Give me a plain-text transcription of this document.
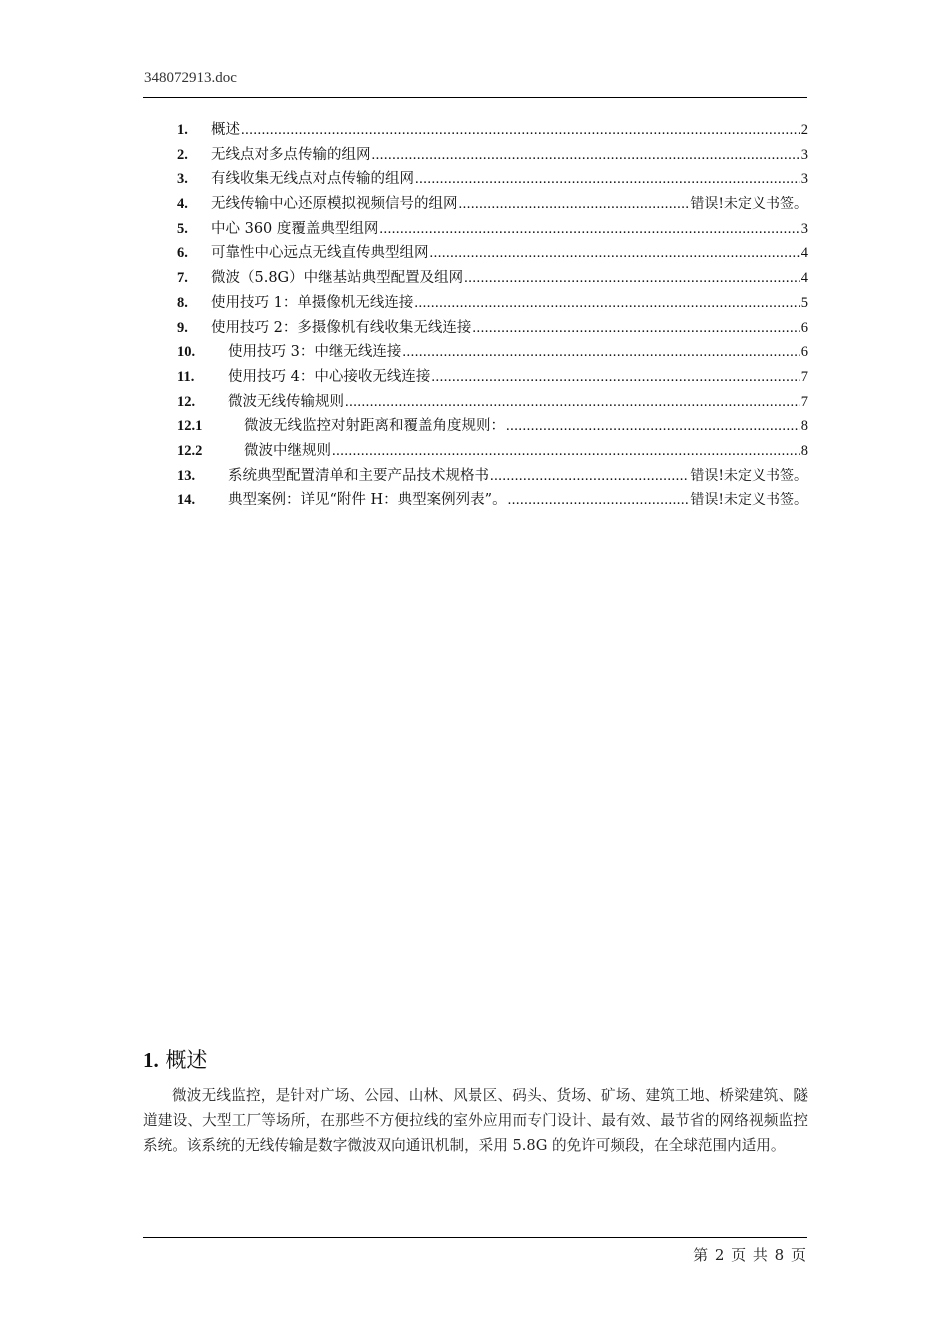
348072913.doc
1. 概述 .....	2
2. 无线点对多点传输的组网 .....	3
3. 有线收集无线点对点传输的组网 .....	3
4. 无线传输中心还原模拟视频信号的组网 .....	错误!未定义书签。
5. 中心 360 度覆盖典型组网 .....	3
6. 可靠性中心远点无线直传典型组网 .....	4
7. 微波（5.8G）中继基站典型配置及组网 .....	4
8. 使用技巧 1：单摄像机无线连接 .....	5
9. 使用技巧 2：多摄像机有线收集无线连接 .....	6
10. 使用技巧 3：中继无线连接 .....	6
11. 使用技巧 4：中心接收无线连接 .....	7
12. 微波无线传输规则 .....	7
12.1	微波无线监控对射距离和覆盖角度规则： .....	8
12.2	微波中继规则 .....	8
13. 系统典型配置清单和主要产品技术规格书 .....	错误!未定义书签。
14. 典型案例：详见“附件 H：典型案例列表”。 .....	错误!未定义书签。
1. 概述

微波无线监控，是针对广场、公园、山林、风景区、码头、货场、矿场、建筑工地、桥梁建筑、隧道建设、大型工厂等场所，在那些不方便拉线的室外应用而专门设计、最有效、最节省的网络视频监控系统。该系统的无线传输是数字微波双向通讯机制，采用 5.8G 的免许可频段，在全球范围内适用。

第 2 页 共 8 页
